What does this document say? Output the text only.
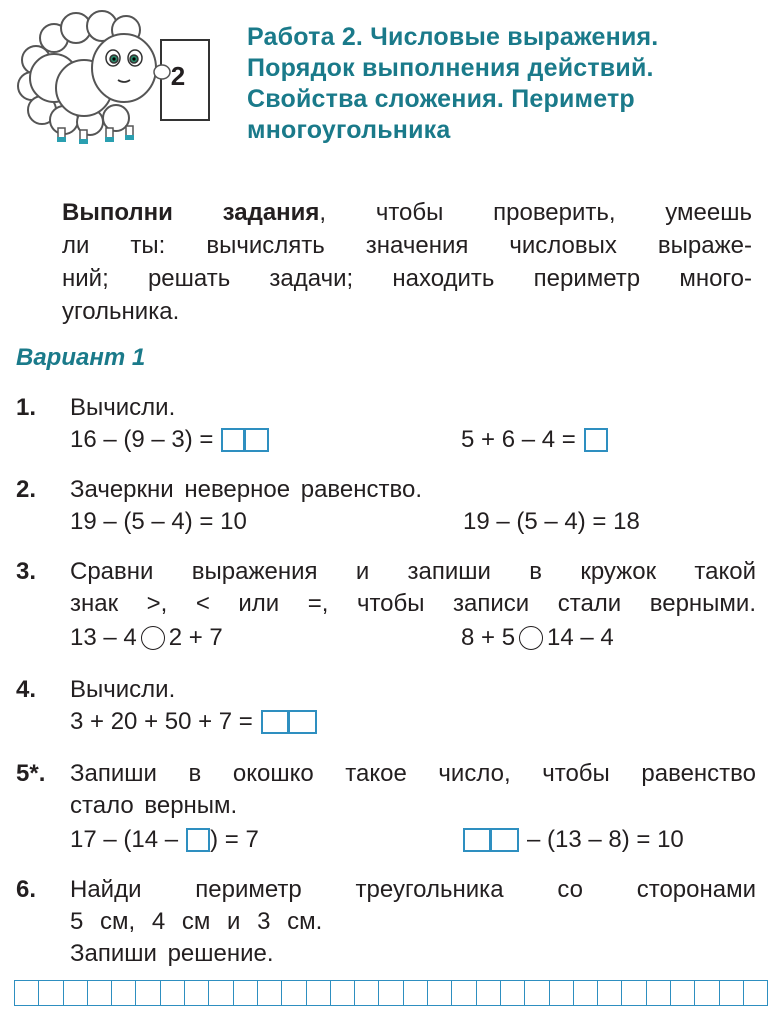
2
Работа 2. Числовые выражения.
Порядок выполнения действий.
Свойства сложения. Периметр
многоугольника
Выполни задания, чтобы проверить, умеешь
ли ты: вычислять значения числовых выраже-
ний; решать задачи; находить периметр много-
угольника.
Вариант 1
1. Вычисли.
16 – (9 – 3) =	5 + 6 – 4 =
2. Зачеркни неверное равенство.
19 – (5 – 4) = 10	19 – (5 – 4) = 18
3. Сравни выражения и запиши в кружок такой
знак >, < или =, чтобы записи стали верными.
13 – 4 2 + 7	8 + 5 14 – 4
4. Вычисли.
3 + 20 + 50 + 7 =
5*. Запиши в окошко такое число, чтобы равенство
стало верным.
17 – (14 – ) = 7	– (13 – 8) = 10
6. Найди периметр треугольника со сторонами
5 см, 4 см и 3 см.
Запиши решение.
